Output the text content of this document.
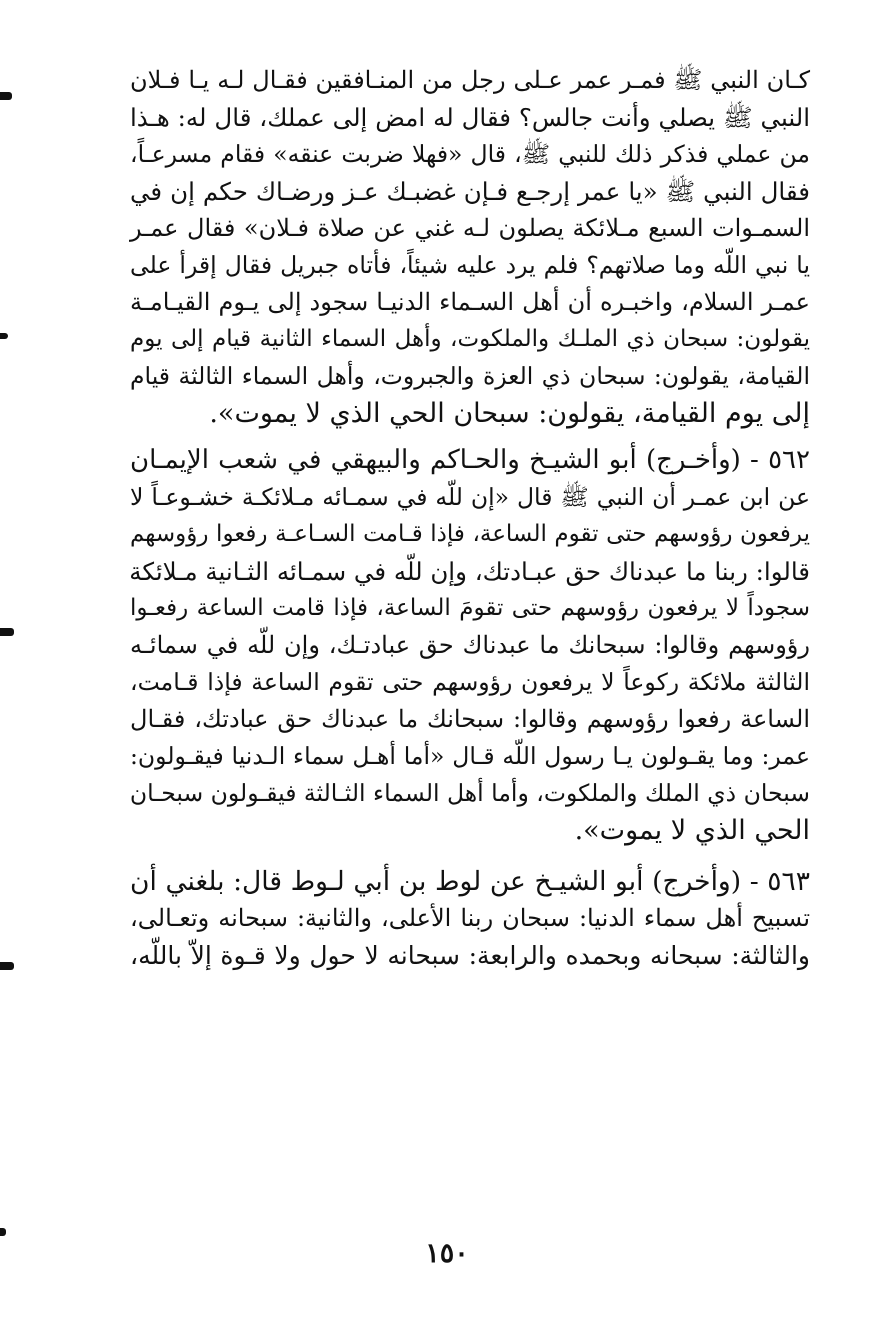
كـان النبي ﷺ فمـر عمر عـلى رجل من المنـافقين فقـال لـه يـا فـلان
النبي ﷺ يصلي وأنت جالس؟ فقال له امض إلى عملك، قال له: هـذا
من عملي فذكر ذلك للنبي ﷺ، قال «فهلا ضربت عنقه» فقام مسرعـاً،
فقال النبي ﷺ «يا عمر إرجـع فـإن غضبـك عـز ورضـاك حكم إن في
السمـوات السبع مـلائكة يصلون لـه غني عن صلاة فـلان» فقال عمـر
يا نبي اللّه وما صلاتهم؟ فلم يرد عليه شيئاً، فأتاه جبريل فقال إقرأ على
عمـر السلام، واخبـره أن أهل السـماء الدنيـا سجود إلى يـوم القيـامـة
يقولون: سبحان ذي الملـك والملكوت، وأهل السماء الثانية قيام إلى يوم
القيامة، يقولون: سبحان ذي العزة والجبروت، وأهل السماء الثالثة قيام
إلى يوم القيامة، يقولون: سبحان الحي الذي لا يموت».
٥٦٢ - (وأخـرج) أبو الشيـخ والحـاكم والبيهقي في شعب الإيمـان
عن ابن عمـر أن النبي ﷺ قال «إن للّه في سمـائه مـلائكـة خشـوعـاً لا
يرفعون رؤوسهم حتى تقوم الساعة، فإذا قـامت السـاعـة رفعوا رؤوسهم
قالوا: ربنا ما عبدناك حق عبـادتك، وإن للّه في سمـائه الثـانية مـلائكة
سجوداً لا يرفعون رؤوسهم حتى تقومَ الساعة، فإذا قامت الساعة رفعـوا
رؤوسهم وقالوا: سبحانك ما عبدناك حق عبادتـك، وإن للّه في سمائـه
الثالثة ملائكة ركوعاً لا يرفعون رؤوسهم حتى تقوم الساعة فإذا قـامت،
الساعة رفعوا رؤوسهم وقالوا: سبحانك ما عبدناك حق عبادتك، فقـال
عمر: وما يقـولون يـا رسول اللّه قـال «أما أهـل سماء الـدنيا فيقـولون:
سبحان ذي الملك والملكوت، وأما أهل السماء الثـالثة فيقـولون سبحـان
الحي الذي لا يموت».
٥٦٣ - (وأخرج) أبو الشيـخ عن لوط بن أبي لـوط قال: بلغني أن
تسبيح أهل سماء الدنيا: سبحان ربنا الأعلى، والثانية: سبحانه وتعـالى،
والثالثة: سبحانه وبحمده والرابعة: سبحانه لا حول ولا قـوة إلاّ باللّه،
١٥٠
